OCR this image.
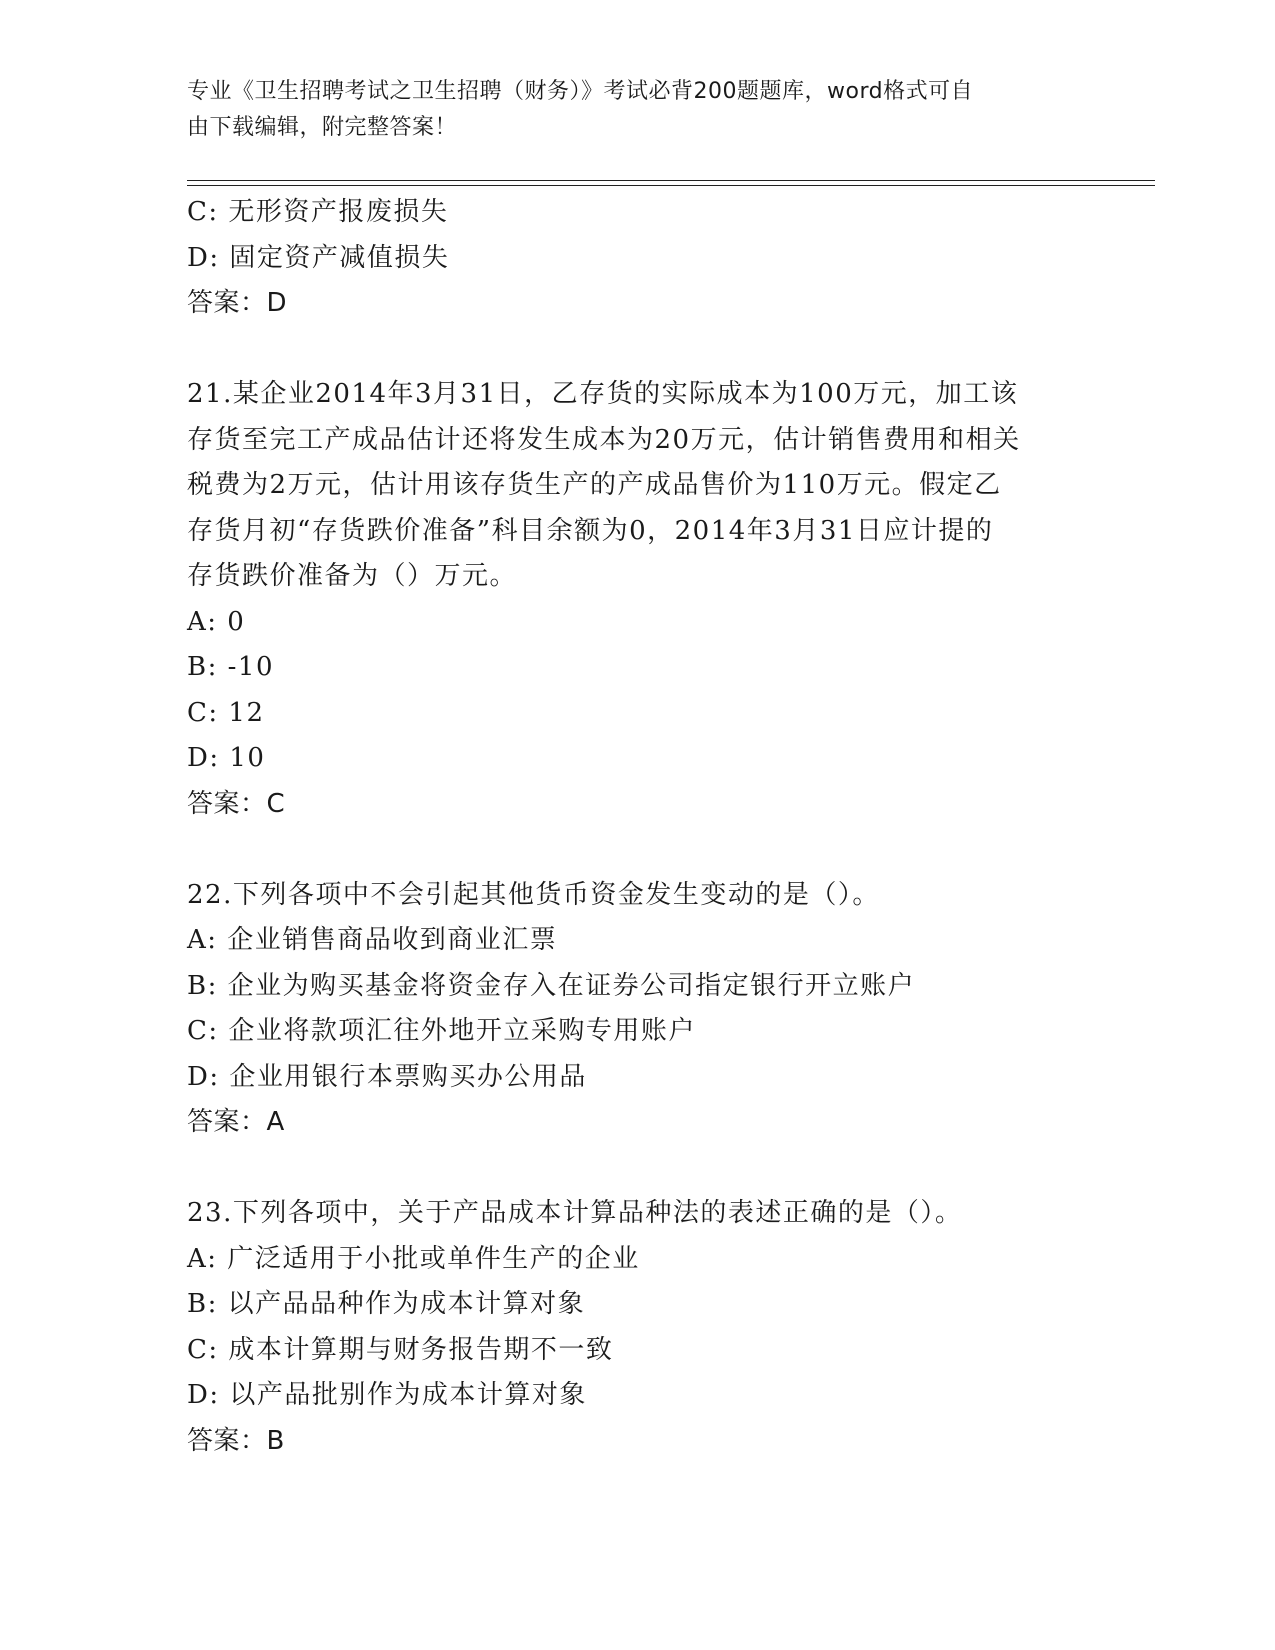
专业《卫生招聘考试之卫生招聘（财务）》考试必背200题题库，word格式可自
由下载编辑，附完整答案！
C: 无形资产报废损失
D: 固定资产减值损失
答案：D
21.某企业2014年3月31日，乙存货的实际成本为100万元，加工该
存货至完工产成品估计还将发生成本为20万元，估计销售费用和相关
税费为2万元，估计用该存货生产的产成品售价为110万元。假定乙
存货月初“存货跌价准备”科目余额为0，2014年3月31日应计提的
存货跌价准备为（）万元。
A: 0
B: -10
C: 12
D: 10
答案：C
22.下列各项中不会引起其他货币资金发生变动的是（）。
A: 企业销售商品收到商业汇票
B: 企业为购买基金将资金存入在证券公司指定银行开立账户
C: 企业将款项汇往外地开立采购专用账户
D: 企业用银行本票购买办公用品
答案：A
23.下列各项中，关于产品成本计算品种法的表述正确的是（）。
A: 广泛适用于小批或单件生产的企业
B: 以产品品种作为成本计算对象
C: 成本计算期与财务报告期不一致
D: 以产品批别作为成本计算对象
答案：B
